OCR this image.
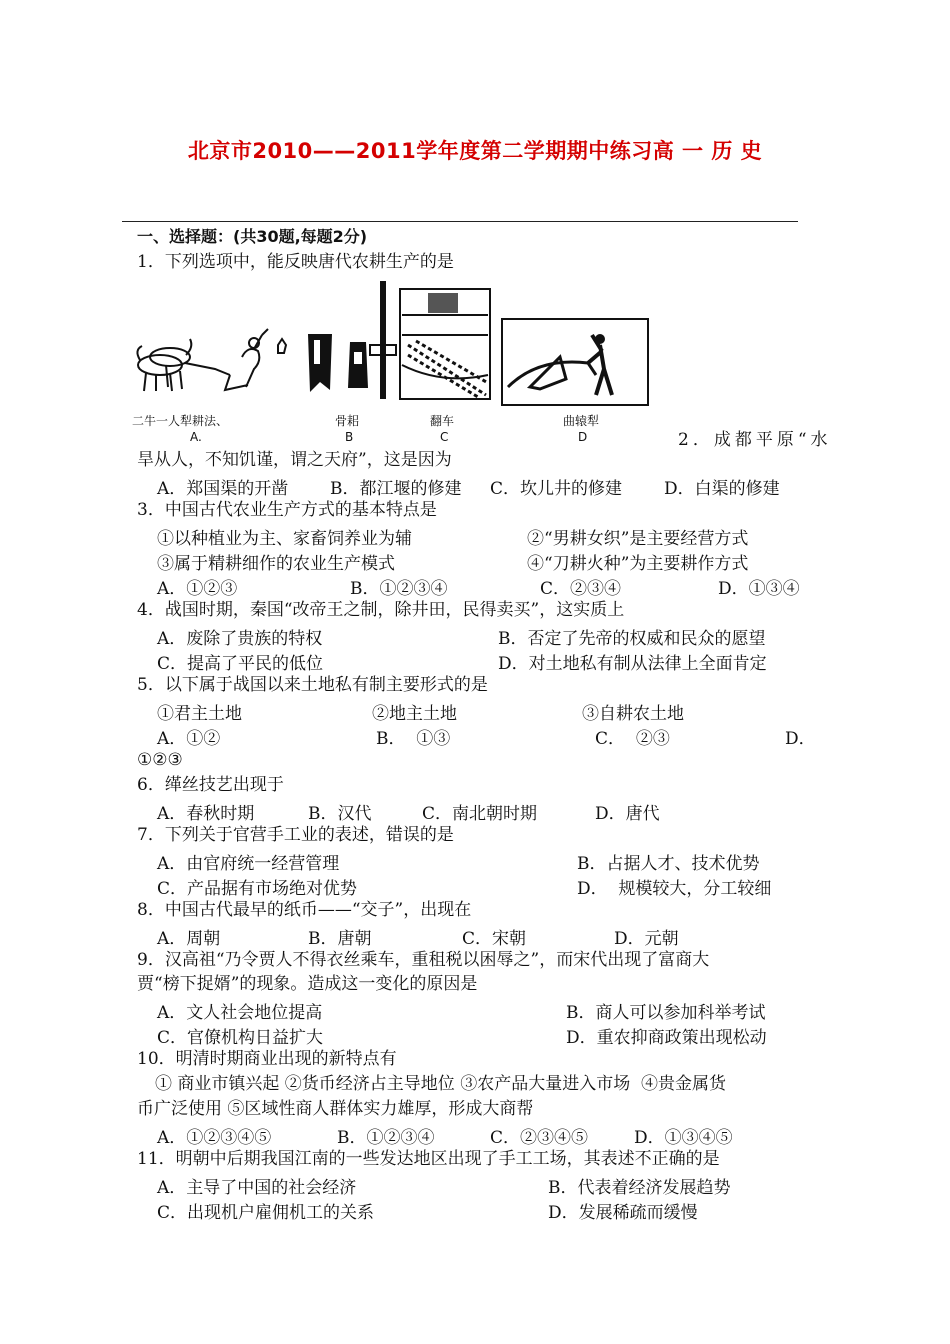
北京市2010——2011学年度第二学期期中练习高 一 历 史
一、选择题：(共30题,每题2分)
1．下列选项中，能反映唐代农耕生产的是
二牛一人犁耕法、
A.
骨耜
B
翻车
C
曲辕犁
D	2．成都平原“水
旱从人，不知饥谨，谓之天府”，这是因为
A．郑国渠的开凿 B．都江堰的修建 C．坎儿井的修建 D．白渠的修建
3．中国古代农业生产方式的基本特点是
①以种植业为主、家畜饲养业为辅	②“男耕女织”是主要经营方式
③属于精耕细作的农业生产模式	④“刀耕火种”为主要耕作方式
A．①②③	B．①②③④	C．②③④	D．①③④
4．战国时期，秦国“改帝王之制，除井田，民得卖买”，这实质上
A．废除了贵族的特权	B．否定了先帝的权威和民众的愿望
C．提高了平民的低位	D．对土地私有制从法律上全面肯定
5．以下属于战国以来土地私有制主要形式的是
①君主土地	②地主土地	③自耕农土地
A．①②	B．  ①③	C．  ②③	D．
①②③
6．缂丝技艺出现于
A．春秋时期	B．汉代	C．南北朝时期	D．唐代
7．下列关于官营手工业的表述，错误的是
A．由官府统一经营管理	B．占据人才、技术优势
C．产品据有市场绝对优势	D．  规模较大，分工较细
8．中国古代最早的纸币——“交子”，出现在
A．周朝	B．唐朝	C．宋朝	D．元朝
9．汉高祖“乃令贾人不得衣丝乘车，重租税以困辱之”，而宋代出现了富商大
贾“榜下捉婿”的现象。造成这一变化的原因是
A．文人社会地位提高	B．商人可以参加科举考试
C．官僚机构日益扩大	D．重农抑商政策出现松动
10．明清时期商业出现的新特点有
① 商业市镇兴起 ②货币经济占主导地位 ③农产品大量进入市场  ④贵金属货
币广泛使用 ⑤区域性商人群体实力雄厚，形成大商帮
A．①②③④⑤	B．①②③④	C．②③④⑤	D．①③④⑤
11．明朝中后期我国江南的一些发达地区出现了手工工场，其表述不正确的是
A．主导了中国的社会经济	B．代表着经济发展趋势
C．出现机户雇佣机工的关系	D．发展稀疏而缓慢
